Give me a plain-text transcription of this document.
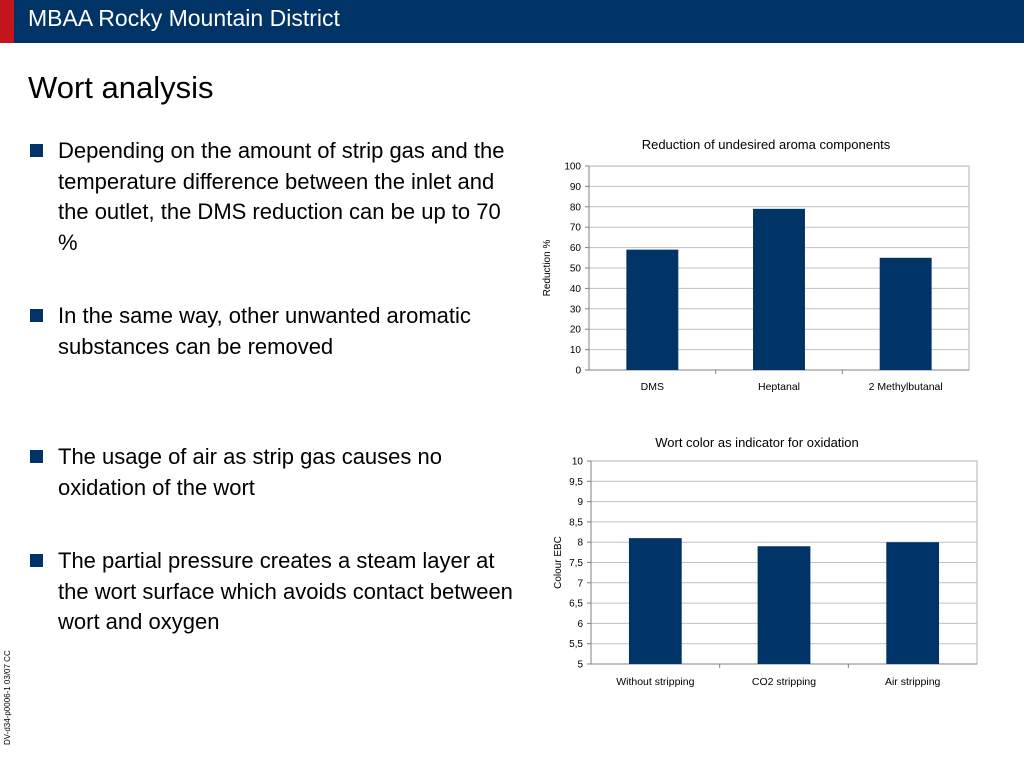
MBAA Rocky Mountain District
Wort analysis
Depending on the amount of strip gas and the temperature difference between the inlet and the outlet, the DMS reduction can be up to 70 %
In the same way, other unwanted aromatic substances can be removed
The usage of air as strip gas causes no oxidation of the wort
The partial pressure creates a steam layer at the wort surface which avoids contact between wort and oxygen
DV-d34-p0006-1 03/07 CC
Reduction of undesired aroma components
0
10
20
30
40
50
60
70
80
90
100
Reduction %
DMS	Heptanal	2 Methylbutanal
Wort color as indicator for oxidation
5
5,5
6
6,5
7
7,5
8
8,5
9
9,5
10
Colour EBC
Without stripping	CO2 stripping	Air stripping
